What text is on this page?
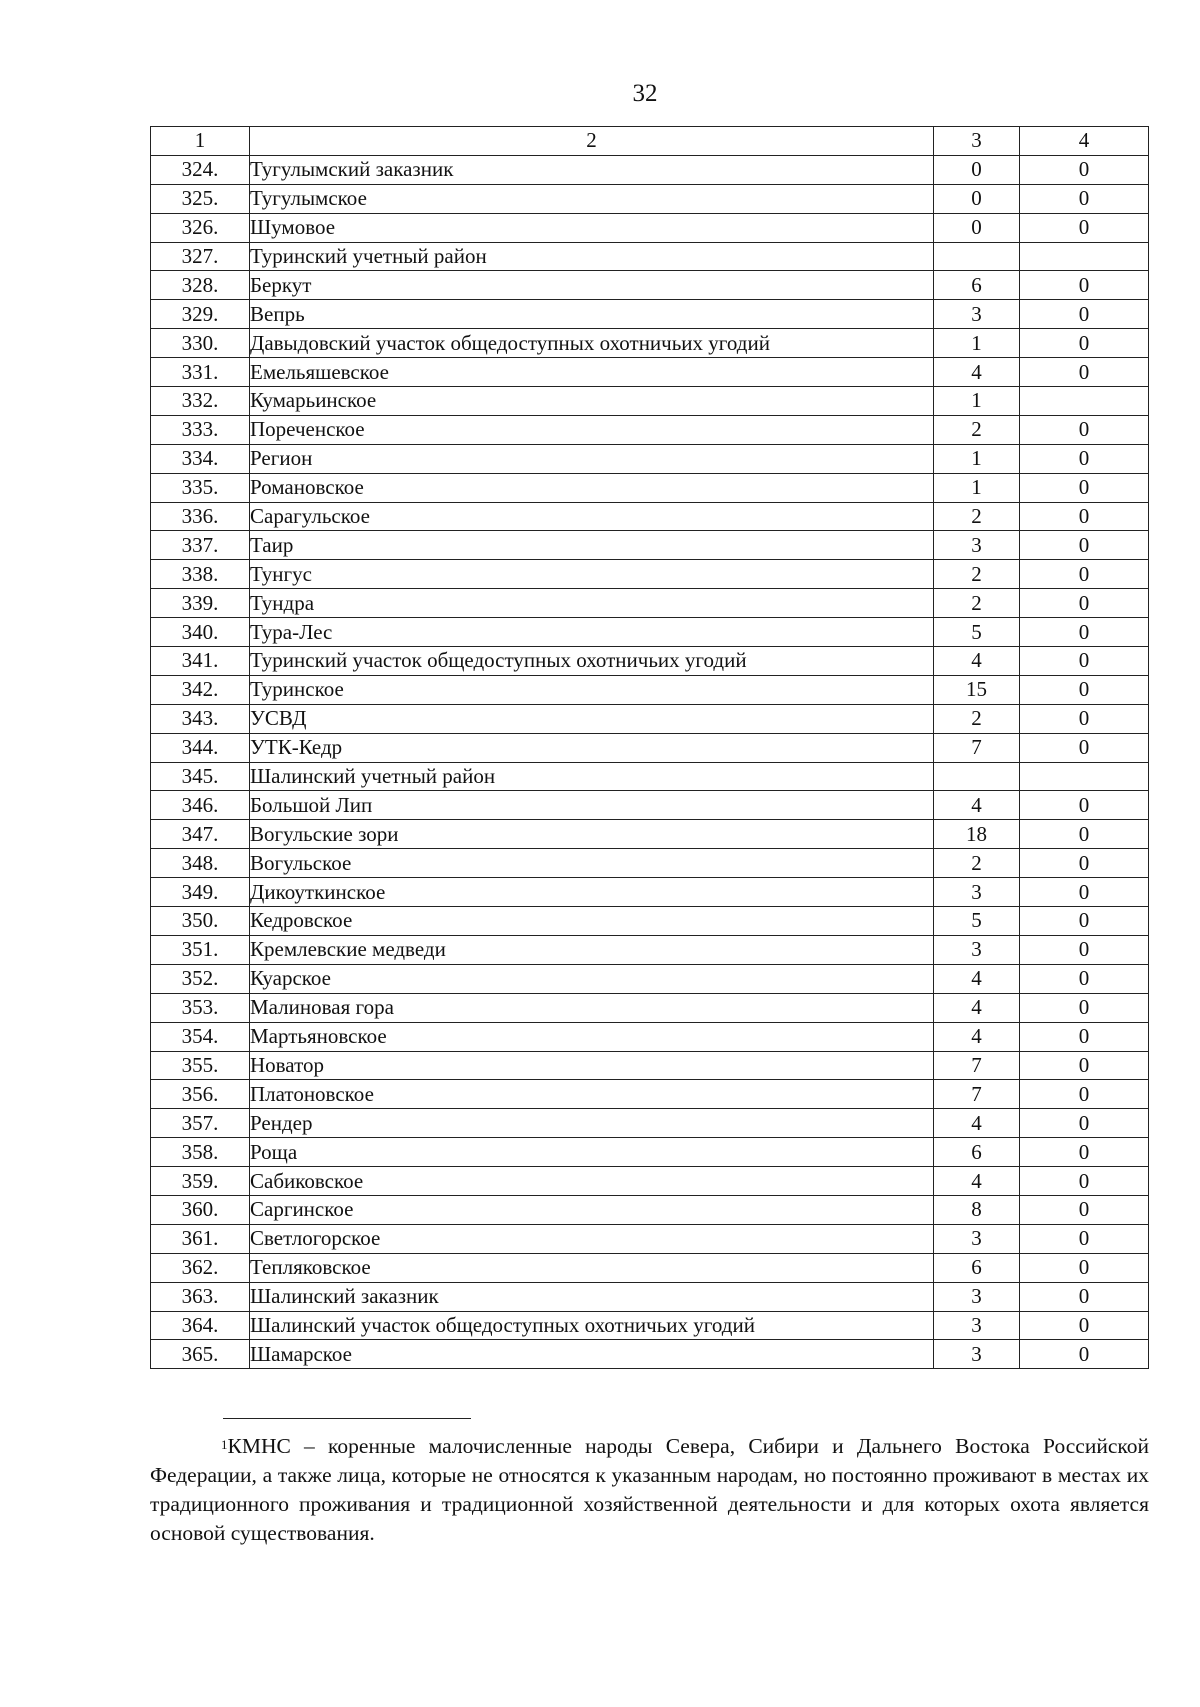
32
1	2	3	4
324.	Тугулымский заказник	0	0
325.	Тугулымское	0	0
326.	Шумовое	0	0
327.	Туринский учетный район		
328.	Беркут	6	0
329.	Вепрь	3	0
330.	Давыдовский участок общедоступных охотничьих угодий	1	0
331.	Емельяшевское	4	0
332.	Кумарьинское	1	
333.	Пореченское	2	0
334.	Регион	1	0
335.	Романовское	1	0
336.	Сарагульское	2	0
337.	Таир	3	0
338.	Тунгус	2	0
339.	Тундра	2	0
340.	Тура-Лес	5	0
341.	Туринский участок общедоступных охотничьих угодий	4	0
342.	Туринское	15	0
343.	УСВД	2	0
344.	УТК-Кедр	7	0
345.	Шалинский учетный район		
346.	Большой Лип	4	0
347.	Вогульские зори	18	0
348.	Вогульское	2	0
349.	Дикоуткинское	3	0
350.	Кедровское	5	0
351.	Кремлевские медведи	3	0
352.	Куарское	4	0
353.	Малиновая гора	4	0
354.	Мартьяновское	4	0
355.	Новатор	7	0
356.	Платоновское	7	0
357.	Рендер	4	0
358.	Роща	6	0
359.	Сабиковское	4	0
360.	Саргинское	8	0
361.	Светлогорское	3	0
362.	Тепляковское	6	0
363.	Шалинский заказник	3	0
364.	Шалинский участок общедоступных охотничьих угодий	3	0
365.	Шамарское	3	0

$^1$КМНС – коренные малочисленные народы Севера, Сибири и Дальнего Востока Российской Федерации, а также лица, которые не относятся к указанным народам, но постоянно проживают в местах их традиционного проживания и традиционной хозяйственной деятельности и для которых охота является основой существования.
